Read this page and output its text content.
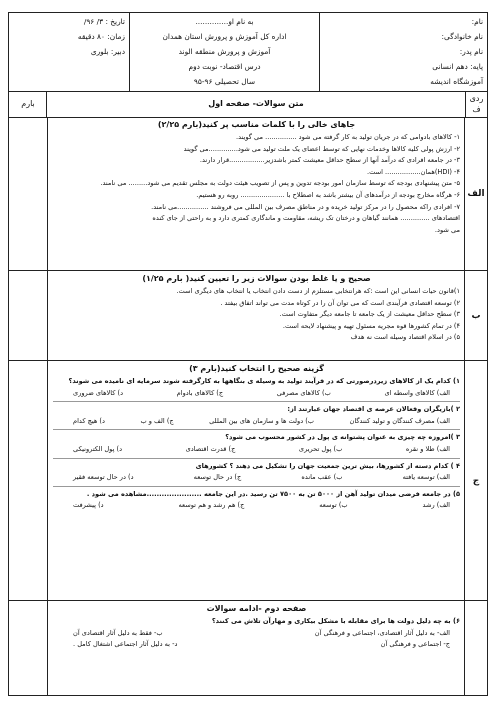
نام:
نام خانوادگی:
نام پدر:
پایه: دهم انسانی
آموزشگاه اندیشه
به نام او..............
اداره کل آموزش و پرورش استان همدان
آموزش و پرورش منطقه الوند
درس اقتصاد- نوبت دوم
سال تحصیلی ۹۶-۹۵
تاریخ : ۳/ ۹۶/
زمان: ۸۰ دقیقه
دبیر: بلوری
ردی ف
متن سوالات- صفحه اول
بارم
الف
جاهای خالی را با کلمات مناسب پر کنید(بارم ۲/۲۵)
۱- کالاهای بادوامی که در جریان تولید به کار گرفته می شود ............... می گویند.
۲- ارزش پولی کلیه کالاها وخدمات نهایی که توسط اعضای یک ملت تولید می شود..............می گویند
۳- در جامعه افرادی که درآمد آنها از سطح حداقل معیشت کمتر باشدزیر.................قرار دارند.
۴- (HDI)همان................. است.
۵- متن پیشنهادی بودجه که توسط سازمان امور بودجه تدوین و پس از تصویب هیئت دولت به مجلس تقدیم می شود......... می نامند.
۶- هرگاه مخارج بودجه از درآمدهای آن بیشتر باشد به اصطلاح با ..................... روبه رو هستیم.
۷- افرادی راکه محصول را در مرکز تولید خریده و در مناطق مصرف بین المللی می فروشند ...............می نامند.
اقتصادهای .............. همانند گیاهان و درختان تک ریشه، مقاومت و ماندگاری کمتری دارد و به راحتی از جای کنده
می شود.
ب
صحیح و یا غلط بودن سوالات زیر را تعیین کنید( بارم ۱/۲۵)
۱)قانون حیات انسانی این است :که هرانتخابی مستلزم از دست دادن انتخاب یا انتخاب های دیگری است.
۲) توسعه اقتصادی فرآیندی است که می توان آن را در کوتاه مدت می تواند اتفاق بیفتد .
۳) سطح حداقل معیشت از یک جامعه تا جامعه دیگر متفاوت است.
۴) در تمام کشورها قوه مجریه مسئول تهیه و پیشنهاد لایحه است.
۵) در اسلام اقتصاد وسیله است نه هدف
ج
گزینه صحیح را انتخاب کنید(بارم ۳)
۱) کدام یک از کالاهای زیردرصورتی که در فرآیند تولید به وسیله ی بنگاهها به کارگرفته شوند سرمایه ای نامیده می شوند؟
الف) کالاهای واسطه ای
ب) کالاهای مصرفی
ج) کالاهای بادوام
د) کالاهای ضروری
۲ )بازیگران وفعالان عرصه ی اقتصاد جهان عبارتند از:
الف) مصرف کنندگان و تولید کنندگان
ب) دولت ها و سازمان های بین المللی
ج) الف و ب
د) هیچ کدام
۳ )امروزه چه چیزی به عنوان پشتوانه ی پول در کشور محسوب می شود؟
الف) طلا و نقره
ب) پول تحریری
ج) قدرت اقتصادی
د) پول الکترونیکی
۴ ) کدام دسته از کشورها، بیش ترین جمعیت جهان را تشکیل می دهند ؟ کشورهای
الف) توسعه یافته
ب) عقب مانده
ج) در حال توسعه
د) در حال توسعه فقیر
۵) در جامعه فرضی میدان تولید آهن از ۵۰۰۰ تن به ۷۵۰۰ تن رسید .در این جامعه ......................مشاهده می شود .
الف) رشد
ب) توسعه
ج) هم رشد و هم توسعه
د) پیشرفت
صفحه دوم -ادامه سوالات
۶) به چه دلیل دولت ها برای مقابله با مشکل بیکاری و مهارآن تلاش می کنند؟
الف- به دلیل آثار اقتصادی، اجتماعی و فرهنگی آن
ب- فقط به دلیل آثار اقتصادی آن
ج- اجتماعی و فرهنگی آن
د- به دلیل آثار اجتماعی اشتغال کامل .
